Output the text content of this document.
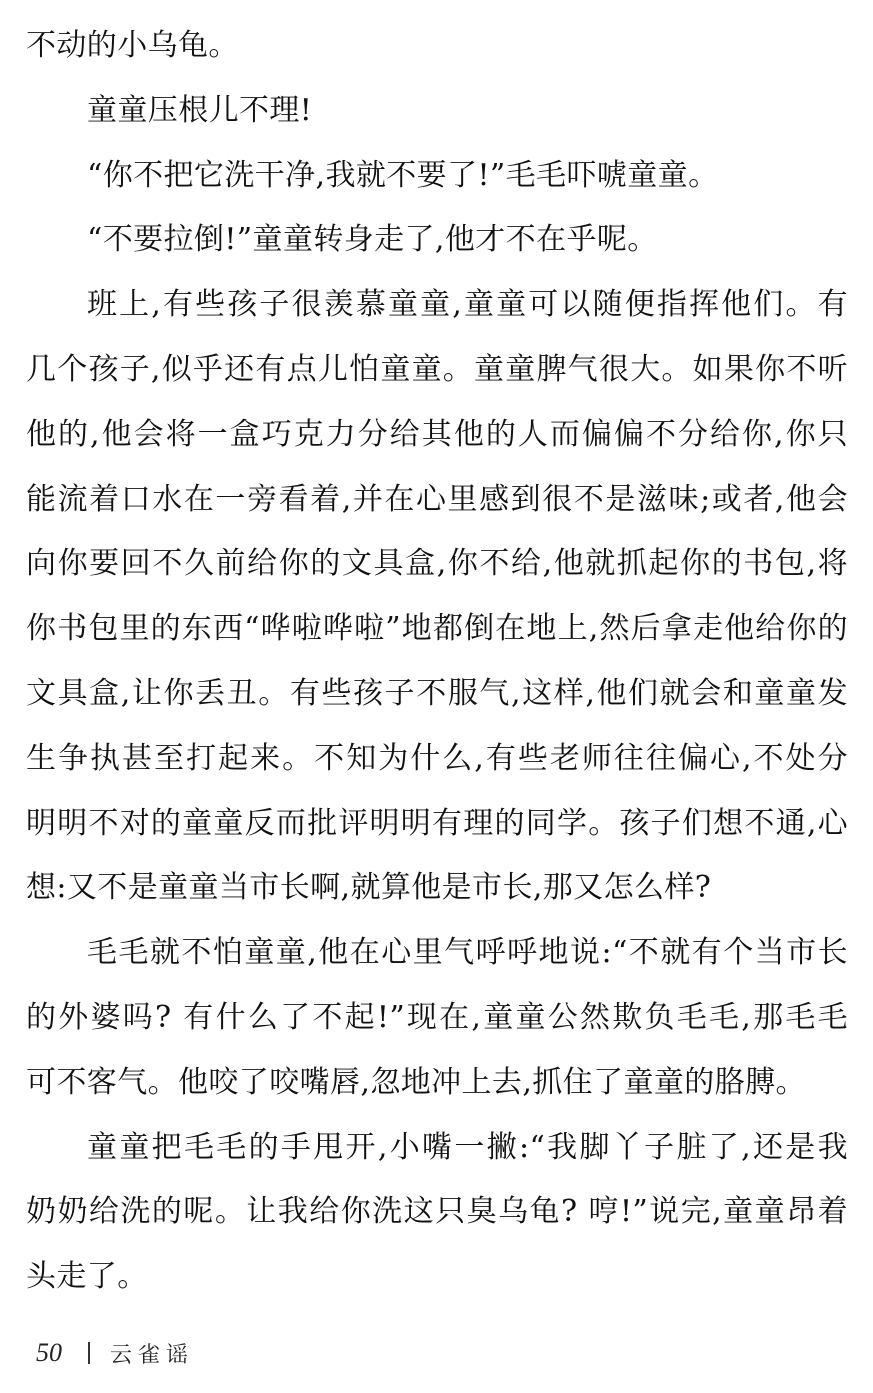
不动的小乌龟。
童童压根儿不理!
“你不把它洗干净,我就不要了!”毛毛吓唬童童。
“不要拉倒!”童童转身走了,他才不在乎呢。
班上,有些孩子很羡慕童童,童童可以随便指挥他们。有
几个孩子,似乎还有点儿怕童童。童童脾气很大。如果你不听
他的,他会将一盒巧克力分给其他的人而偏偏不分给你,你只
能流着口水在一旁看着,并在心里感到很不是滋味;或者,他会
向你要回不久前给你的文具盒,你不给,他就抓起你的书包,将
你书包里的东西“哗啦哗啦”地都倒在地上,然后拿走他给你的
文具盒,让你丢丑。有些孩子不服气,这样,他们就会和童童发
生争执甚至打起来。不知为什么,有些老师往往偏心,不处分
明明不对的童童反而批评明明有理的同学。孩子们想不通,心
想:又不是童童当市长啊,就算他是市长,那又怎么样?
毛毛就不怕童童,他在心里气呼呼地说:“不就有个当市长
的外婆吗? 有什么了不起!”现在,童童公然欺负毛毛,那毛毛
可不客气。他咬了咬嘴唇,忽地冲上去,抓住了童童的胳膊。
童童把毛毛的手甩开,小嘴一撇:“我脚丫子脏了,还是我
奶奶给洗的呢。让我给你洗这只臭乌龟? 哼!”说完,童童昂着
头走了。
50 云雀谣
